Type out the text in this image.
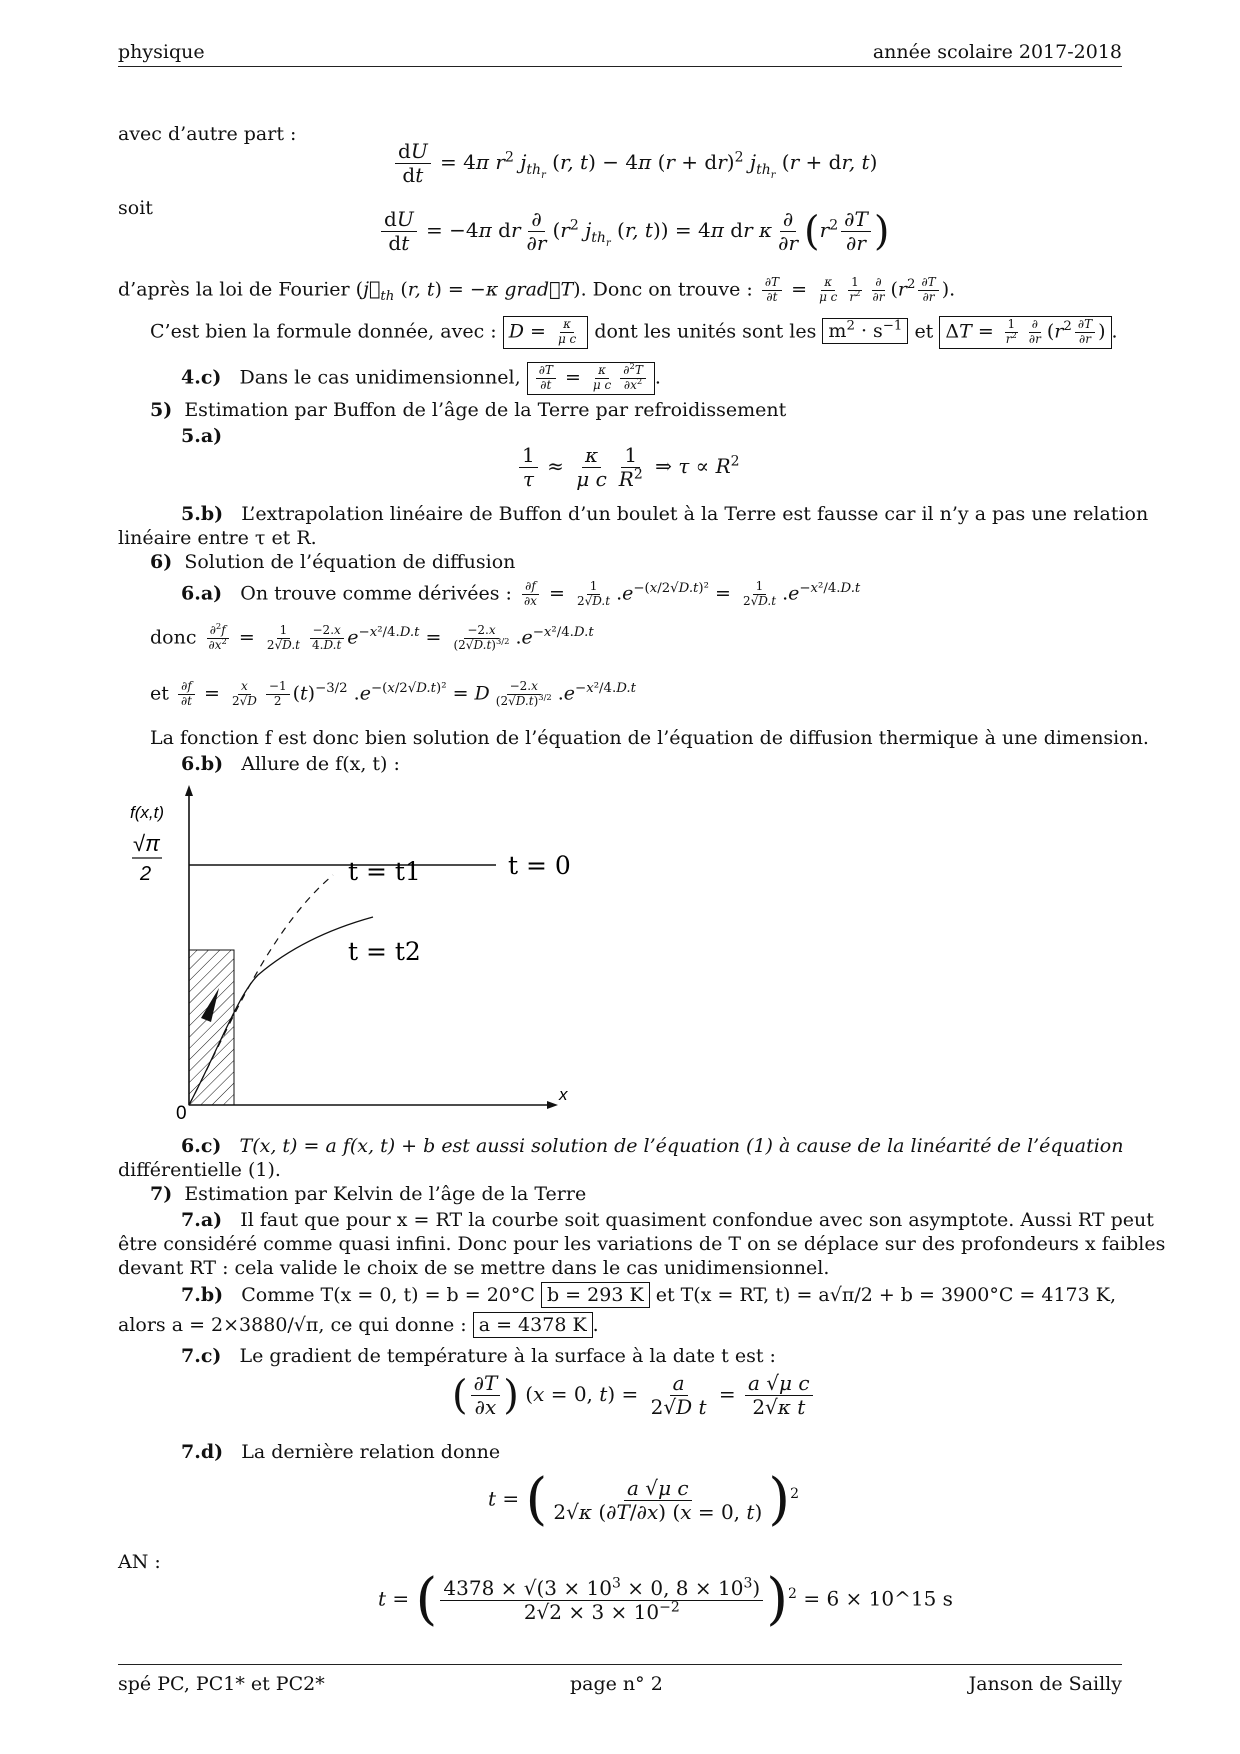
physique	année scolaire 2017-2018
avec d’autre part :
$\frac{dU}{dt} = 4\pi$ $r^2$ $j_{th_r}$ (r, t) − 4π (r + dr)$^2$ $j_{th_r}$ (r + dr, t)
soit	$\frac{dU}{dt} = -4\pi$ dr $\frac{\partial}{\partial r} (r^2$ $j_{th_r}$ (r, t)) = 4π dr κ $\frac{\partial}{\partial r} (r^2 \frac{\partial T}{\partial r}$ )
d’après la loi de Fourier ($j⃗_{th}$ (r, t) = −κ grad⃗T). Donc on trouve : $\frac{\partial T}{\partial t} = \frac{\kappa}{\text{μ c}} \frac{1}{r^2} \frac{\partial}{\partial r} (r^2 \frac{\partial T}{\partial r}$ ).
C’est bien la formule donnée, avec : $D = \frac{\kappa}{\text{μ c}}$ dont les unités sont les $m^2 \cdot s^{-1}$ et $\Delta T = \frac{1}{r^2} \frac{\partial}{\partial r} (r^2 \frac{\partial T}{\partial r}$ ) .
4.c) Dans le cas unidimensionnel, $\frac{\partial T}{\partial t} = \frac{\kappa}{\text{μ c}} \frac{\partial^2T}{\partial x^2}$ .
5) Estimation par Buffon de l’âge de la Terre par refroidissement
5.a)
$\frac{1}{\tau} \approx \frac{\kappa}{\text{μ c}} \frac{1}{R^2}$ ⇒ $\tau \propto R^2$
5.b) L’extrapolation linéaire de Buffon d’un boulet à la Terre est fausse car il n’y a pas une relation
linéaire entre τ et R.
6) Solution de l’équation de diffusion
6.a) On trouve comme dérivées : $\frac{\partial f}{\partial x} = \frac{1}{2√D.t} .e^{-(x/2√D.t)^2} = \frac{1}{2√D.t} .e^{-x^2/4.D.t}$
donc $\frac{\partial^2f}{\partial x^2} = \frac{1}{2√D.t} \frac{-2.x}{4.D.t} e^{-x^2/4.D.t} = \frac{-2.x}{(2√D.t)^{3/2}} .e^{-x^2/4.D.t}$
et $\frac{\partial f}{\partial t} = \frac{x}{2√D} \frac{-1}{2} (t)^{-3/2}$ $.e^{-(x/2√D.t)^2} = D \frac{-2.x}{(2√D.t)^{3/2}} .e^{-x^2/4.D.t}$
La fonction f est donc bien solution de l’équation de l’équation de diffusion thermique à une dimension.
6.b) Allure de f(x, t) :
f(x,t)
√π
2	t = 0
t = t1
t = t2
x
0
6.c) T(x, t) = a f(x, t) + b est aussi solution de l’équation (1) à cause de la linéarité de l’équation
différentielle (1).
7) Estimation par Kelvin de l’âge de la Terre
7.a) Il faut que pour x = RT la courbe soit quasiment confondue avec son asymptote. Aussi RT peut
être considéré comme quasi infini. Donc pour les variations de T on se déplace sur des profondeurs x faibles
devant RT : cela valide le choix de se mettre dans le cas unidimensionnel.
7.b) Comme T(x = 0, t) = b = 20°C b = 293 K et T(x = RT, t) = a√π/2 + b = 3900°C = 4173 K,
alors a = 2×3880/√π, ce qui donne : a = 4378 K .
7.c) Le gradient de température à la surface à la date t est :
( $\frac{\partial T}{\partial x}$ ) (x = 0, $t) = \frac{a}{\text{2√D t}} = \frac{\text{a √μ c}}{\text{2√κ t}}$
7.d) La dernière relation donne
t = ( $\frac{\text{a √μ c}}{2√\kappa (\partial T/\partial x) (x = 0, t)} )^2$
AN :
t = ( $\frac{4378 \times √(3 \times 10^3 \times 0, 8 \times 10^3)}{2√2 \times 3 \times 10^{-2}} )^2 = 6$ × 10^15 s
spé PC, PC1* et PC2*	page n° 2	Janson de Sailly
